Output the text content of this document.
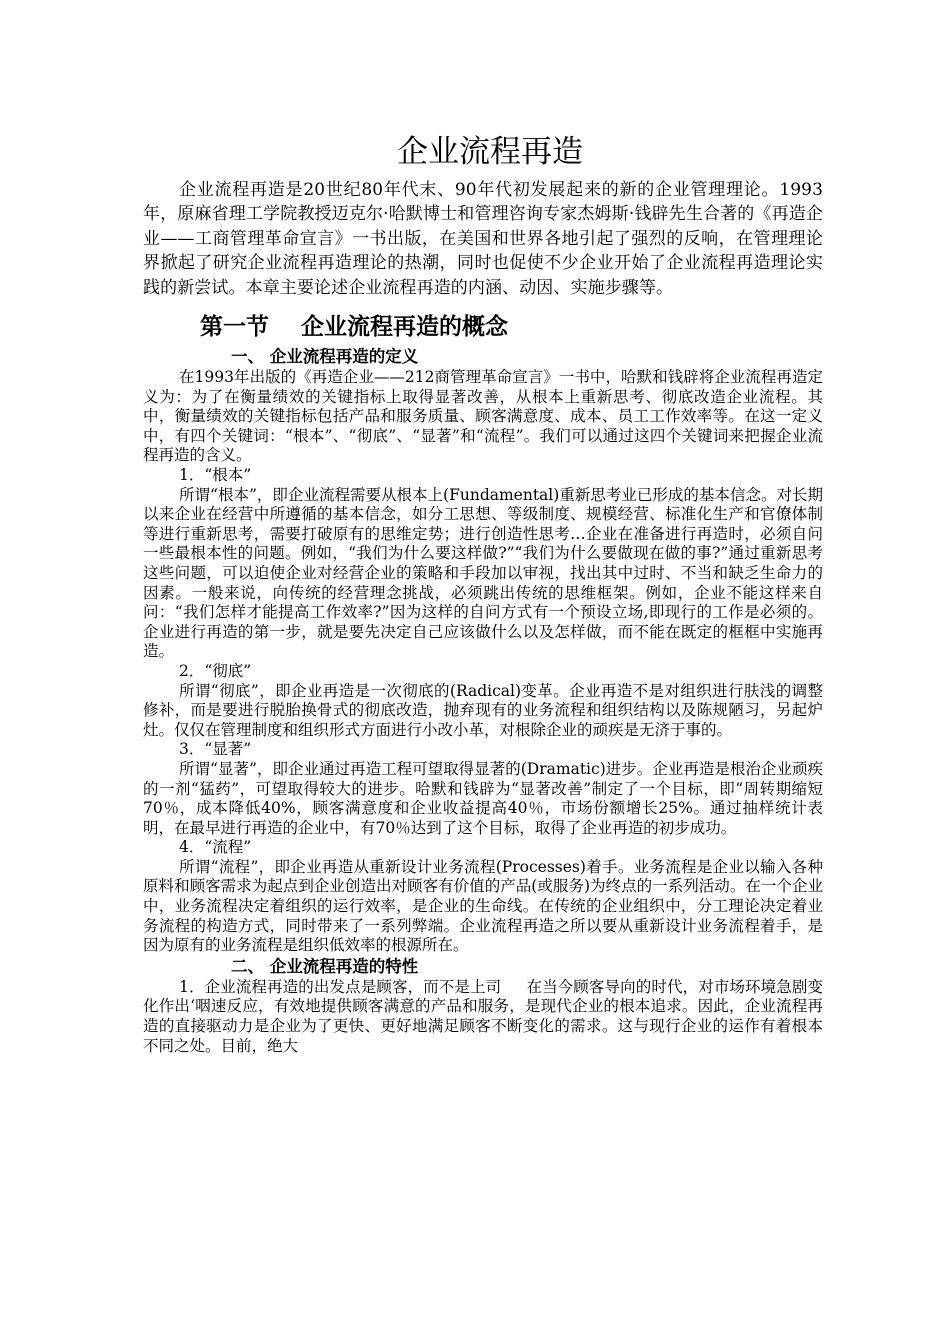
企业流程再造

企业流程再造是20世纪80年代末、90年代初发展起来的新的企业管理理论。1993年，原麻省理工学院教授迈克尔·哈默博士和管理咨询专家杰姆斯·钱辟先生合著的《再造企业——工商管理革命宣言》一书出版，在美国和世界各地引起了强烈的反响，在管理理论界掀起了研究企业流程再造理论的热潮，同时也促使不少企业开始了企业流程再造理论实践的新尝试。本章主要论述企业流程再造的内涵、动因、实施步骤等。

第一节    企业流程再造的概念
一、 企业流程再造的定义

在1993年出版的《再造企业——212商管理革命宣言》一书中，哈默和钱辟将企业流程再造定义为：为了在衡量绩效的关键指标上取得显著改善，从根本上重新思考、彻底改造企业流程。其中，衡量绩效的关键指标包括产品和服务质量、顾客满意度、成本、员工工作效率等。在这一定义中，有四个关键词：“根本”、“彻底”、“显著”和“流程”。我们可以通过这四个关键词来把握企业流程再造的含义。

1．“根本”

所谓“根本”，即企业流程需要从根本上(Fundamental)重新思考业已形成的基本信念。对长期以来企业在经营中所遵循的基本信念，如分工思想、等级制度、规模经营、标准化生产和官僚体制等进行重新思考，需要打破原有的思维定势；进行创造性思考…企业在准备进行再造时，必须自问一些最根本性的问题。例如，“我们为什么要这样做?”“我们为什么要做现在做的事?”通过重新思考这些问题，可以迫使企业对经营企业的策略和手段加以审视，找出其中过时、不当和缺乏生命力的因素。一般来说，向传统的经营理念挑战，必须跳出传统的思维框架。例如，企业不能这样来自问：“我们怎样才能提高工作效率?”因为这样的自问方式有一个预设立场,即现行的工作是必须的。企业进行再造的第一步，就是要先决定自己应该做什么以及怎样做，而不能在既定的框框中实施再造。

2．“彻底”

所谓“彻底”，即企业再造是一次彻底的(Radical)变革。企业再造不是对组织进行肤浅的调整修补，而是要进行脱胎换骨式的彻底改造，抛弃现有的业务流程和组织结构以及陈规陋习，另起炉灶。仅仅在管理制度和组织形式方面进行小改小革，对根除企业的顽疾是无济于事的。

3．“显著”

所谓“显著”，即企业通过再造工程可望取得显著的(Dramatic)进步。企业再造是根治企业顽疾的一剂“猛药”，可望取得较大的进步。哈默和钱辟为“显著改善”制定了一个目标，即“周转期缩短70％，成本降低40%，顾客满意度和企业收益提高40％，市场份额增长25%。通过抽样统计表明，在最早进行再造的企业中，有70％达到了这个目标，取得了企业再造的初步成功。

4．“流程”

所谓“流程”，即企业再造从重新设计业务流程(Processes)着手。业务流程是企业以输入各种原料和顾客需求为起点到企业创造出对顾客有价值的产品(或服务)为终点的一系列活动。在一个企业中，业务流程决定着组织的运行效率，是企业的生命线。在传统的企业组织中，分工理论决定着业务流程的构造方式，同时带来了一系列弊端。企业流程再造之所以要从重新设计业务流程着手，是因为原有的业务流程是组织低效率的根源所在。

二、 企业流程再造的特性

1．企业流程再造的出发点是顾客，而不是上司     在当今顾客导向的时代，对市场环境急剧变化作出‘咽速反应，有效地提供顾客满意的产品和服务，是现代企业的根本追求。因此，企业流程再造的直接驱动力是企业为了更快、更好地满足顾客不断变化的需求。这与现行企业的运作有着根本不同之处。目前，绝大
